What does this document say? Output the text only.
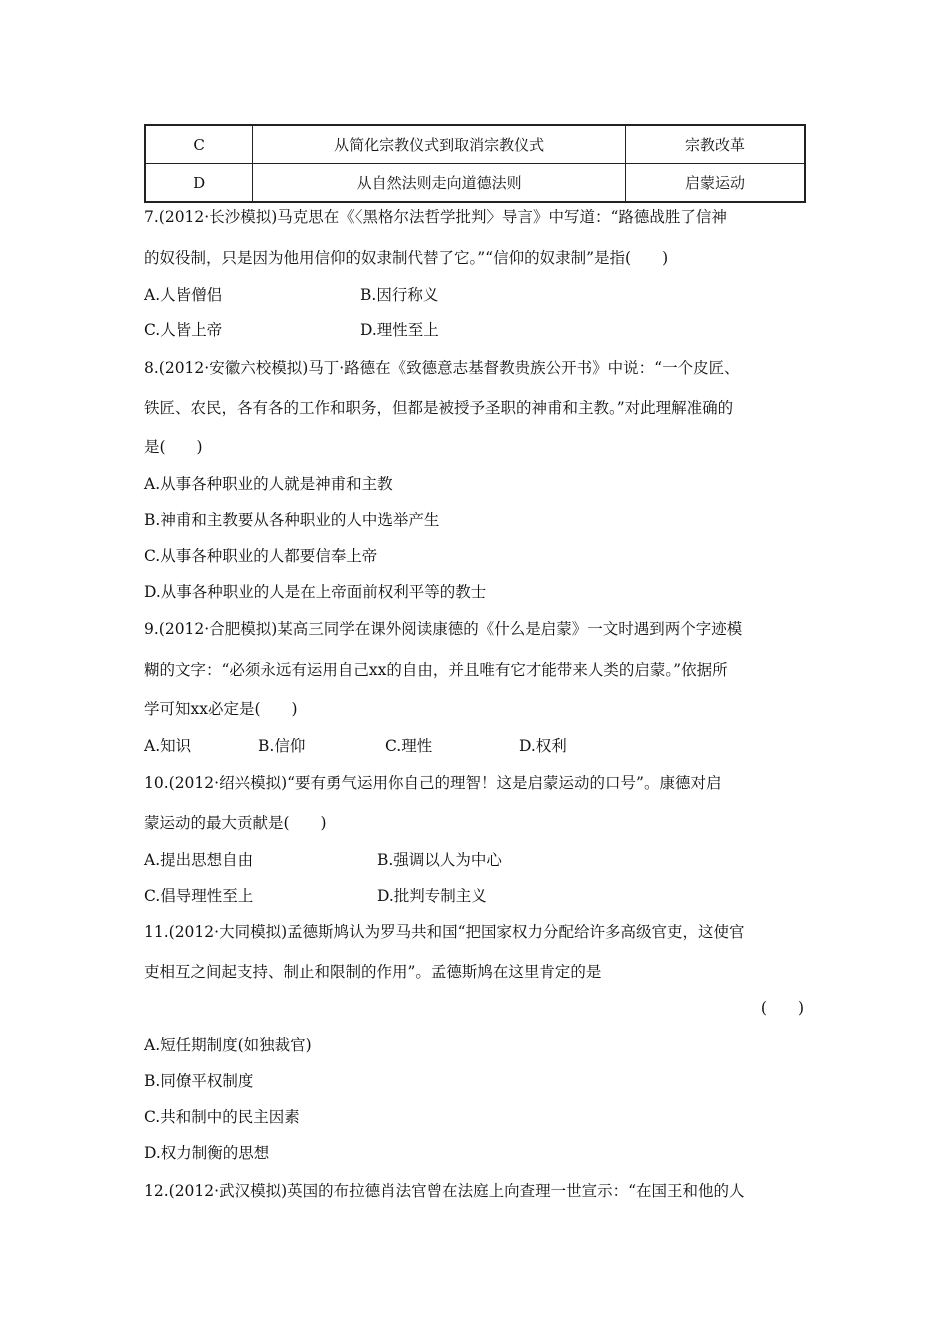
C	从简化宗教仪式到取消宗教仪式	宗教改革
D	从自然法则走向道德法则	启蒙运动
7.(2012·长沙模拟)马克思在《〈黑格尔法哲学批判〉导言》中写道：“路德战胜了信神
的奴役制，只是因为他用信仰的奴隶制代替了它。”“信仰的奴隶制”是指(　　)
A.人皆僧侣	B.因行称义
C.人皆上帝	D.理性至上
8.(2012·安徽六校模拟)马丁·路德在《致德意志基督教贵族公开书》中说：“一个皮匠、
铁匠、农民，各有各的工作和职务，但都是被授予圣职的神甫和主教。”对此理解准确的
是(　　)
A.从事各种职业的人就是神甫和主教
B.神甫和主教要从各种职业的人中选举产生
C.从事各种职业的人都要信奉上帝
D.从事各种职业的人是在上帝面前权利平等的教士
9.(2012·合肥模拟)某高三同学在课外阅读康德的《什么是启蒙》一文时遇到两个字迹模
糊的文字：“必须永远有运用自己xx的自由，并且唯有它才能带来人类的启蒙。”依据所
学可知xx必定是(　　)
A.知识	B.信仰	C.理性	D.权利
10.(2012·绍兴模拟)“要有勇气运用你自己的理智！这是启蒙运动的口号”。康德对启
蒙运动的最大贡献是(　　)
A.提出思想自由	B.强调以人为中心
C.倡导理性至上	D.批判专制主义
11.(2012·大同模拟)孟德斯鸠认为罗马共和国“把国家权力分配给许多高级官吏，这使官
吏相互之间起支持、制止和限制的作用”。孟德斯鸠在这里肯定的是
(　　)
A.短任期制度(如独裁官)
B.同僚平权制度
C.共和制中的民主因素
D.权力制衡的思想
12.(2012·武汉模拟)英国的布拉德肖法官曾在法庭上向查理一世宣示：“在国王和他的人
